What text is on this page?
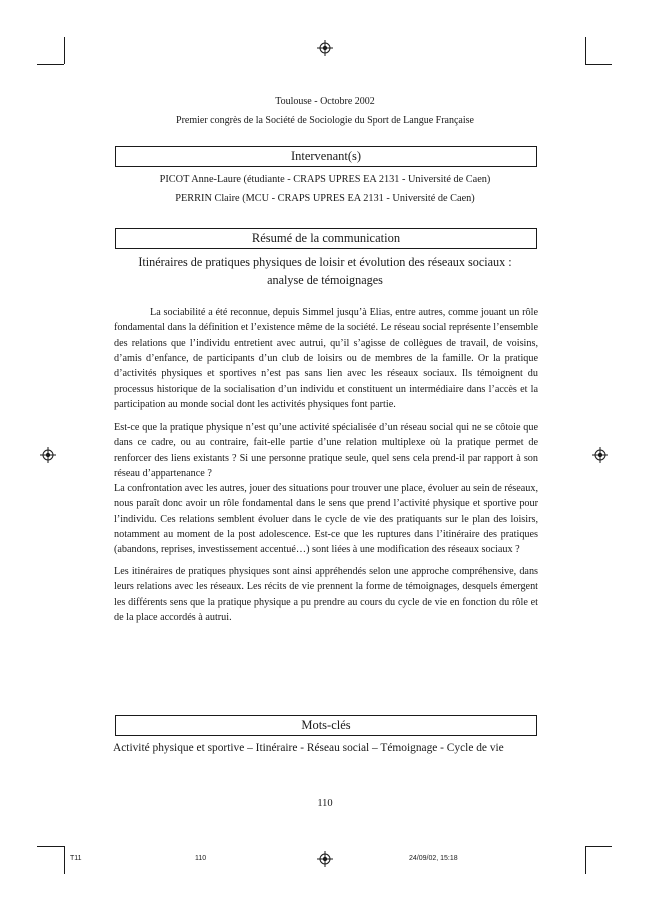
Toulouse - Octobre 2002
Premier congrès de la Société de Sociologie du Sport de Langue Française
Intervenant(s)
PICOT Anne-Laure (étudiante - CRAPS UPRES EA 2131 - Université de Caen)
PERRIN Claire (MCU - CRAPS UPRES EA 2131 - Université de Caen)
Résumé de la communication
Itinéraires de pratiques physiques de loisir et évolution des réseaux sociaux :
analyse de témoignages

La sociabilité a été reconnue, depuis Simmel jusqu’à Elias, entre autres, comme jouant un rôle fondamental dans la définition et l’existence même de la société. Le réseau social représente l’ensemble des relations que l’individu entretient avec autrui, qu’il s’agisse de collègues de travail, de voisins, d’amis d’enfance, de participants d’un club de loisirs ou de membres de la famille. Or la pratique d’activités physiques et sportives n’est pas sans lien avec les réseaux sociaux. Ils témoignent du processus historique de la socialisation d’un individu et constituent un intermédiaire dans l’accès et la participation au monde social dont les activités physiques font partie.

Est-ce que la pratique physique n’est qu’une activité spécialisée d’un réseau social qui ne se côtoie que dans ce cadre, ou au contraire, fait-elle partie d’une relation multiplexe où la pratique permet de renforcer des liens existants ? Si une personne pratique seule, quel sens cela prend-il par rapport à son réseau d’appartenance ?

La confrontation avec les autres, jouer des situations pour trouver une place, évoluer au sein de réseaux, nous paraît donc avoir un rôle fondamental dans le sens que prend l’activité physique et sportive pour l’individu. Ces relations semblent évoluer dans le cycle de vie des pratiquants sur le plan des loisirs, notamment au moment de la post adolescence. Est-ce que les ruptures dans l’itinéraire des pratiques (abandons, reprises, investissement accentué…) sont liées à une modification des réseaux sociaux ?

Les itinéraires de pratiques physiques sont ainsi appréhendés selon une approche compréhensive, dans leurs relations avec les réseaux. Les récits de vie prennent la forme de témoignages, desquels émergent les différents sens que la pratique physique a pu prendre au cours du cycle de vie en fonction du rôle et de la place accordés à autrui.

Mots-clés
Activité physique et sportive – Itinéraire - Réseau social – Témoignage - Cycle de vie
110
T11	110	24/09/02, 15:18
